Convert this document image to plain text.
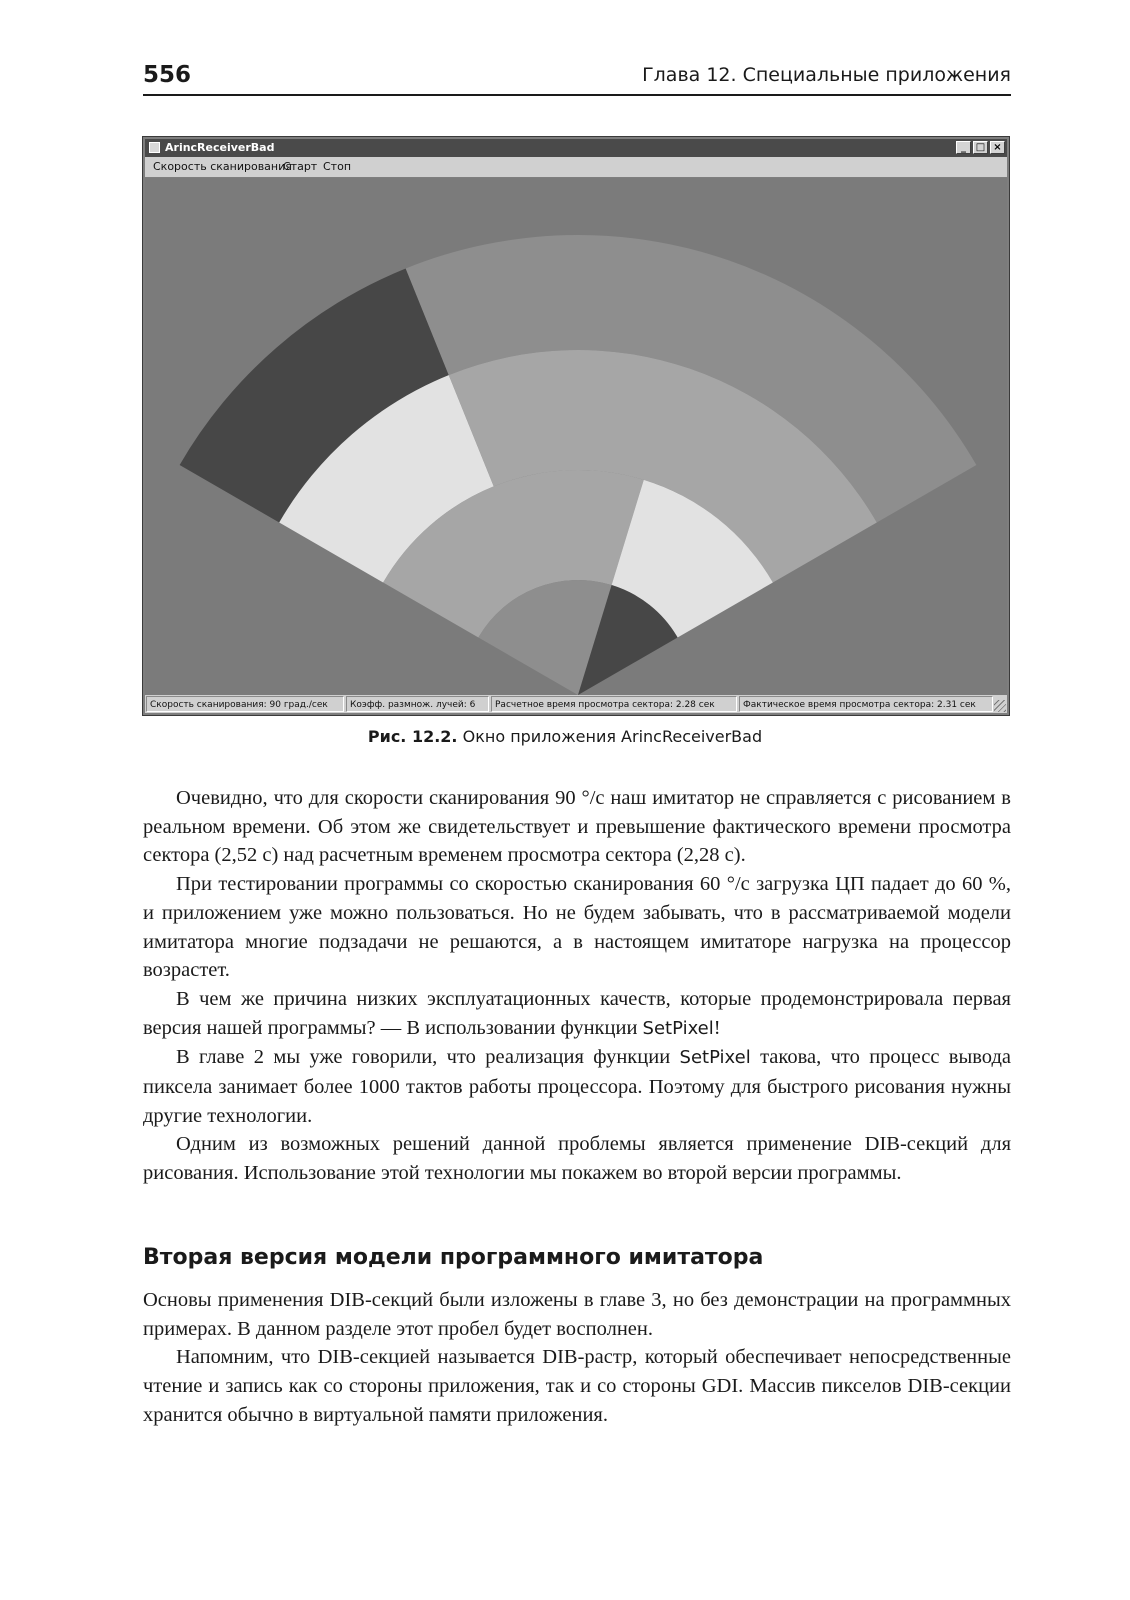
556	Глава 12. Специальные приложения
ArincReceiverBad	_ □ ×
Скорость сканирования
Старт Стоп
Скорость сканирования: 90 град./сек	Коэфф. размнож. лучей: 6	Расчетное время просмотра сектора: 2.28 сек	Фактическое время просмотра сектора: 2.31 сек
Рис. 12.2. Окно приложения ArincReceiverBad

Очевидно, что для скорости сканирования 90 °/с наш имитатор не справляется с рисованием в реальном времени. Об этом же свидетельствует и превышение фактического времени просмотра сектора (2,52 с) над расчетным временем просмотра сектора (2,28 с).

При тестировании программы со скоростью сканирования 60 °/с загрузка ЦП падает до 60 %, и приложением уже можно пользоваться. Но не будем забывать, что в рассматриваемой модели имитатора многие подзадачи не решаются, а в настоящем имитаторе нагрузка на процессор возрастет.

В чем же причина низких эксплуатационных качеств, которые продемонстрировала первая версия нашей программы? — В использовании функции SetPixel!

В главе 2 мы уже говорили, что реализация функции SetPixel такова, что процесс вывода пиксела занимает более 1000 тактов работы процессора. Поэтому для быстрого рисования нужны другие технологии.

Одним из возможных решений данной проблемы является применение DIB-секций для рисования. Использование этой технологии мы покажем во второй версии программы.

Вторая версия модели программного имитатора

Основы применения DIB-секций были изложены в главе 3, но без демонстрации на программных примерах. В данном разделе этот пробел будет восполнен.

Напомним, что DIB-секцией называется DIB-растр, который обеспечивает непосредственные чтение и запись как со стороны приложения, так и со стороны GDI. Массив пикселов DIB-секции хранится обычно в виртуальной памяти приложения.
